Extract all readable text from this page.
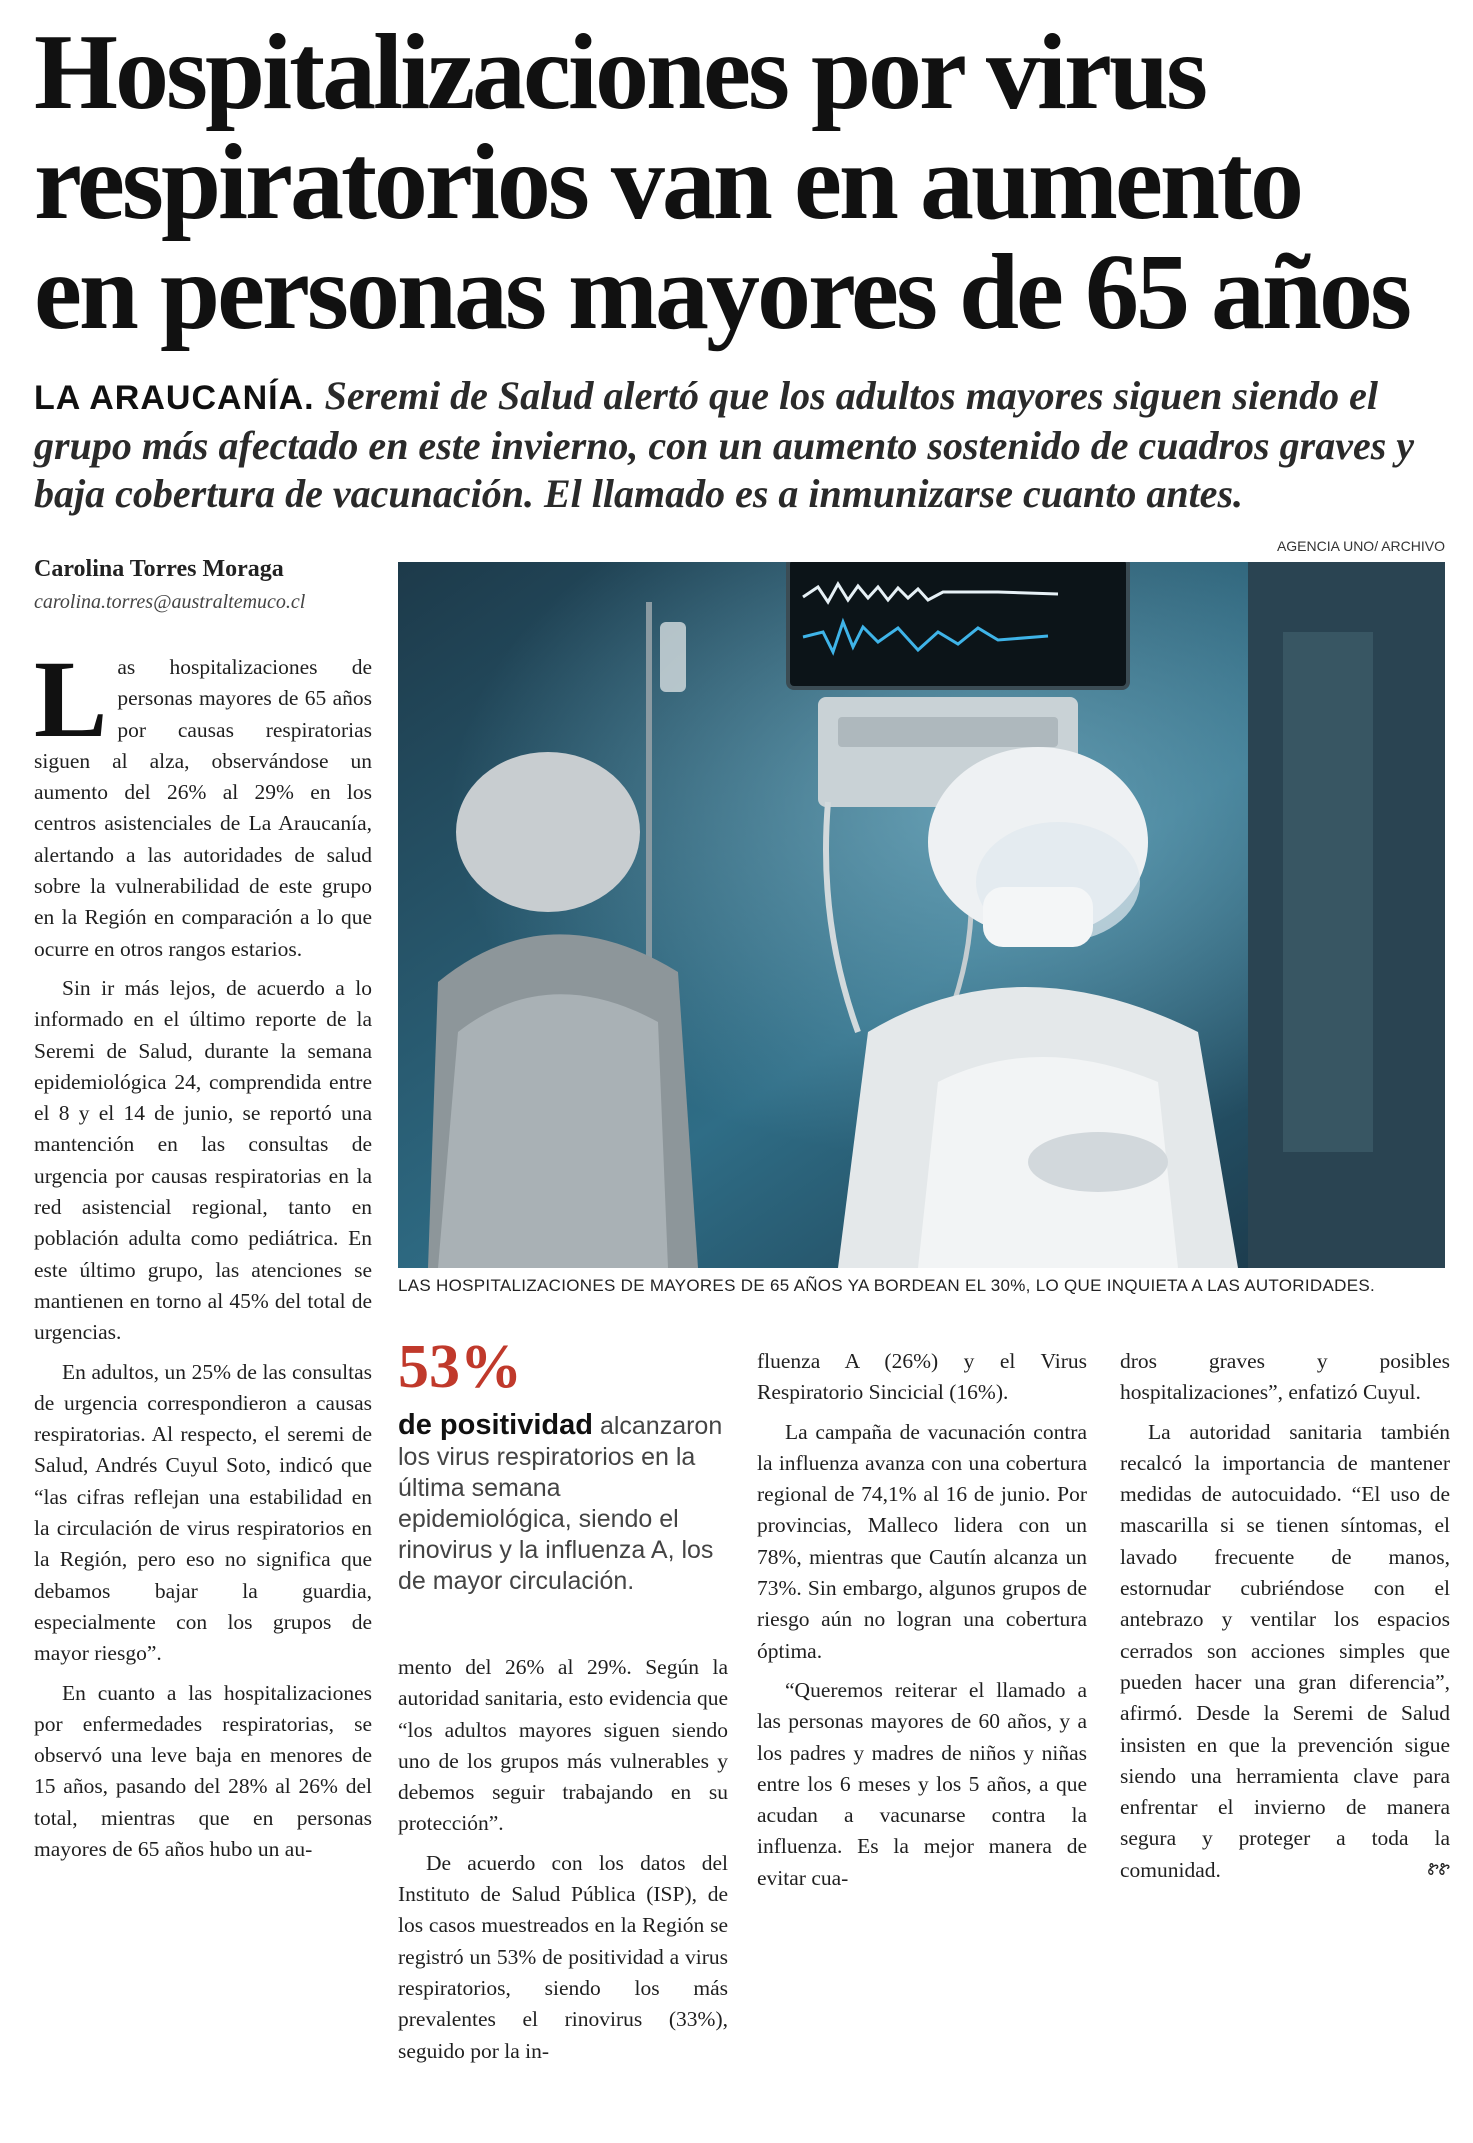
Hospitalizaciones por virus
respiratorios van en aumento
en personas mayores de 65 años

LA ARAUCANÍA. Seremi de Salud alertó que los adultos mayores siguen siendo el grupo más afectado en este invierno, con un aumento sostenido de cuadros graves y baja cobertura de vacunación. El llamado es a inmunizarse cuanto antes.

Carolina Torres Moraga
carolina.torres@australtemuco.cl
AGENCIA UNO/ ARCHIVO
LAS HOSPITALIZACIONES DE MAYORES DE 65 AÑOS YA BORDEAN EL 30%, LO QUE INQUIETA A LAS AUTORIDADES.

Las hospitalizaciones de personas mayores de 65 años por causas respiratorias siguen al alza, observándose un aumento del 26% al 29% en los centros asistenciales de La Araucanía, alertando a las autoridades de salud sobre la vulnerabilidad de este grupo en la Región en comparación a lo que ocurre en otros rangos estarios.

Sin ir más lejos, de acuerdo a lo informado en el último reporte de la Seremi de Salud, durante la semana epidemiológica 24, comprendida entre el 8 y el 14 de junio, se reportó una mantención en las consultas de urgencia por causas respiratorias en la red asistencial regional, tanto en población adulta como pediátrica. En este último grupo, las atenciones se mantienen en torno al 45% del total de urgencias.

En adultos, un 25% de las consultas de urgencia correspondieron a causas respiratorias. Al respecto, el seremi de Salud, Andrés Cuyul Soto, indicó que “las cifras reflejan una estabilidad en la circulación de virus respiratorios en la Región, pero eso no significa que debamos bajar la guardia, especialmente con los grupos de mayor riesgo”.

En cuanto a las hospitalizaciones por enfermedades respiratorias, se observó una leve baja en menores de 15 años, pasando del 28% al 26% del total, mientras que en personas mayores de 65 años hubo un au-

53%
de positividad alcanzaron los virus respiratorios en la última semana epidemiológica, siendo el rinovirus y la influenza A, los de mayor circulación.

mento del 26% al 29%. Según la autoridad sanitaria, esto evidencia que “los adultos mayores siguen siendo uno de los grupos más vulnerables y debemos seguir trabajando en su protección”.

De acuerdo con los datos del Instituto de Salud Pública (ISP), de los casos muestreados en la Región se registró un 53% de positividad a virus respiratorios, siendo los más prevalentes el rinovirus (33%), seguido por la in-

fluenza A (26%) y el Virus Respiratorio Sincicial (16%).

La campaña de vacunación contra la influenza avanza con una cobertura regional de 74,1% al 16 de junio. Por provincias, Malleco lidera con un 78%, mientras que Cautín alcanza un 73%. Sin embargo, algunos grupos de riesgo aún no logran una cobertura óptima.

“Queremos reiterar el llamado a las personas mayores de 60 años, y a los padres y madres de niños y niñas entre los 6 meses y los 5 años, a que acudan a vacunarse contra la influenza. Es la mejor manera de evitar cua-

dros graves y posibles hospitalizaciones”, enfatizó Cuyul.

La autoridad sanitaria también recalcó la importancia de mantener medidas de autocuidado. “El uso de mascarilla si se tienen síntomas, el lavado frecuente de manos, estornudar cubriéndose con el antebrazo y ventilar los espacios cerrados son acciones simples que pueden hacer una gran diferencia”, afirmó. Desde la Seremi de Salud insisten en que la prevención sigue siendo una herramienta clave para enfrentar el invierno de manera segura y proteger a toda la comunidad.	ᏑᏑ
